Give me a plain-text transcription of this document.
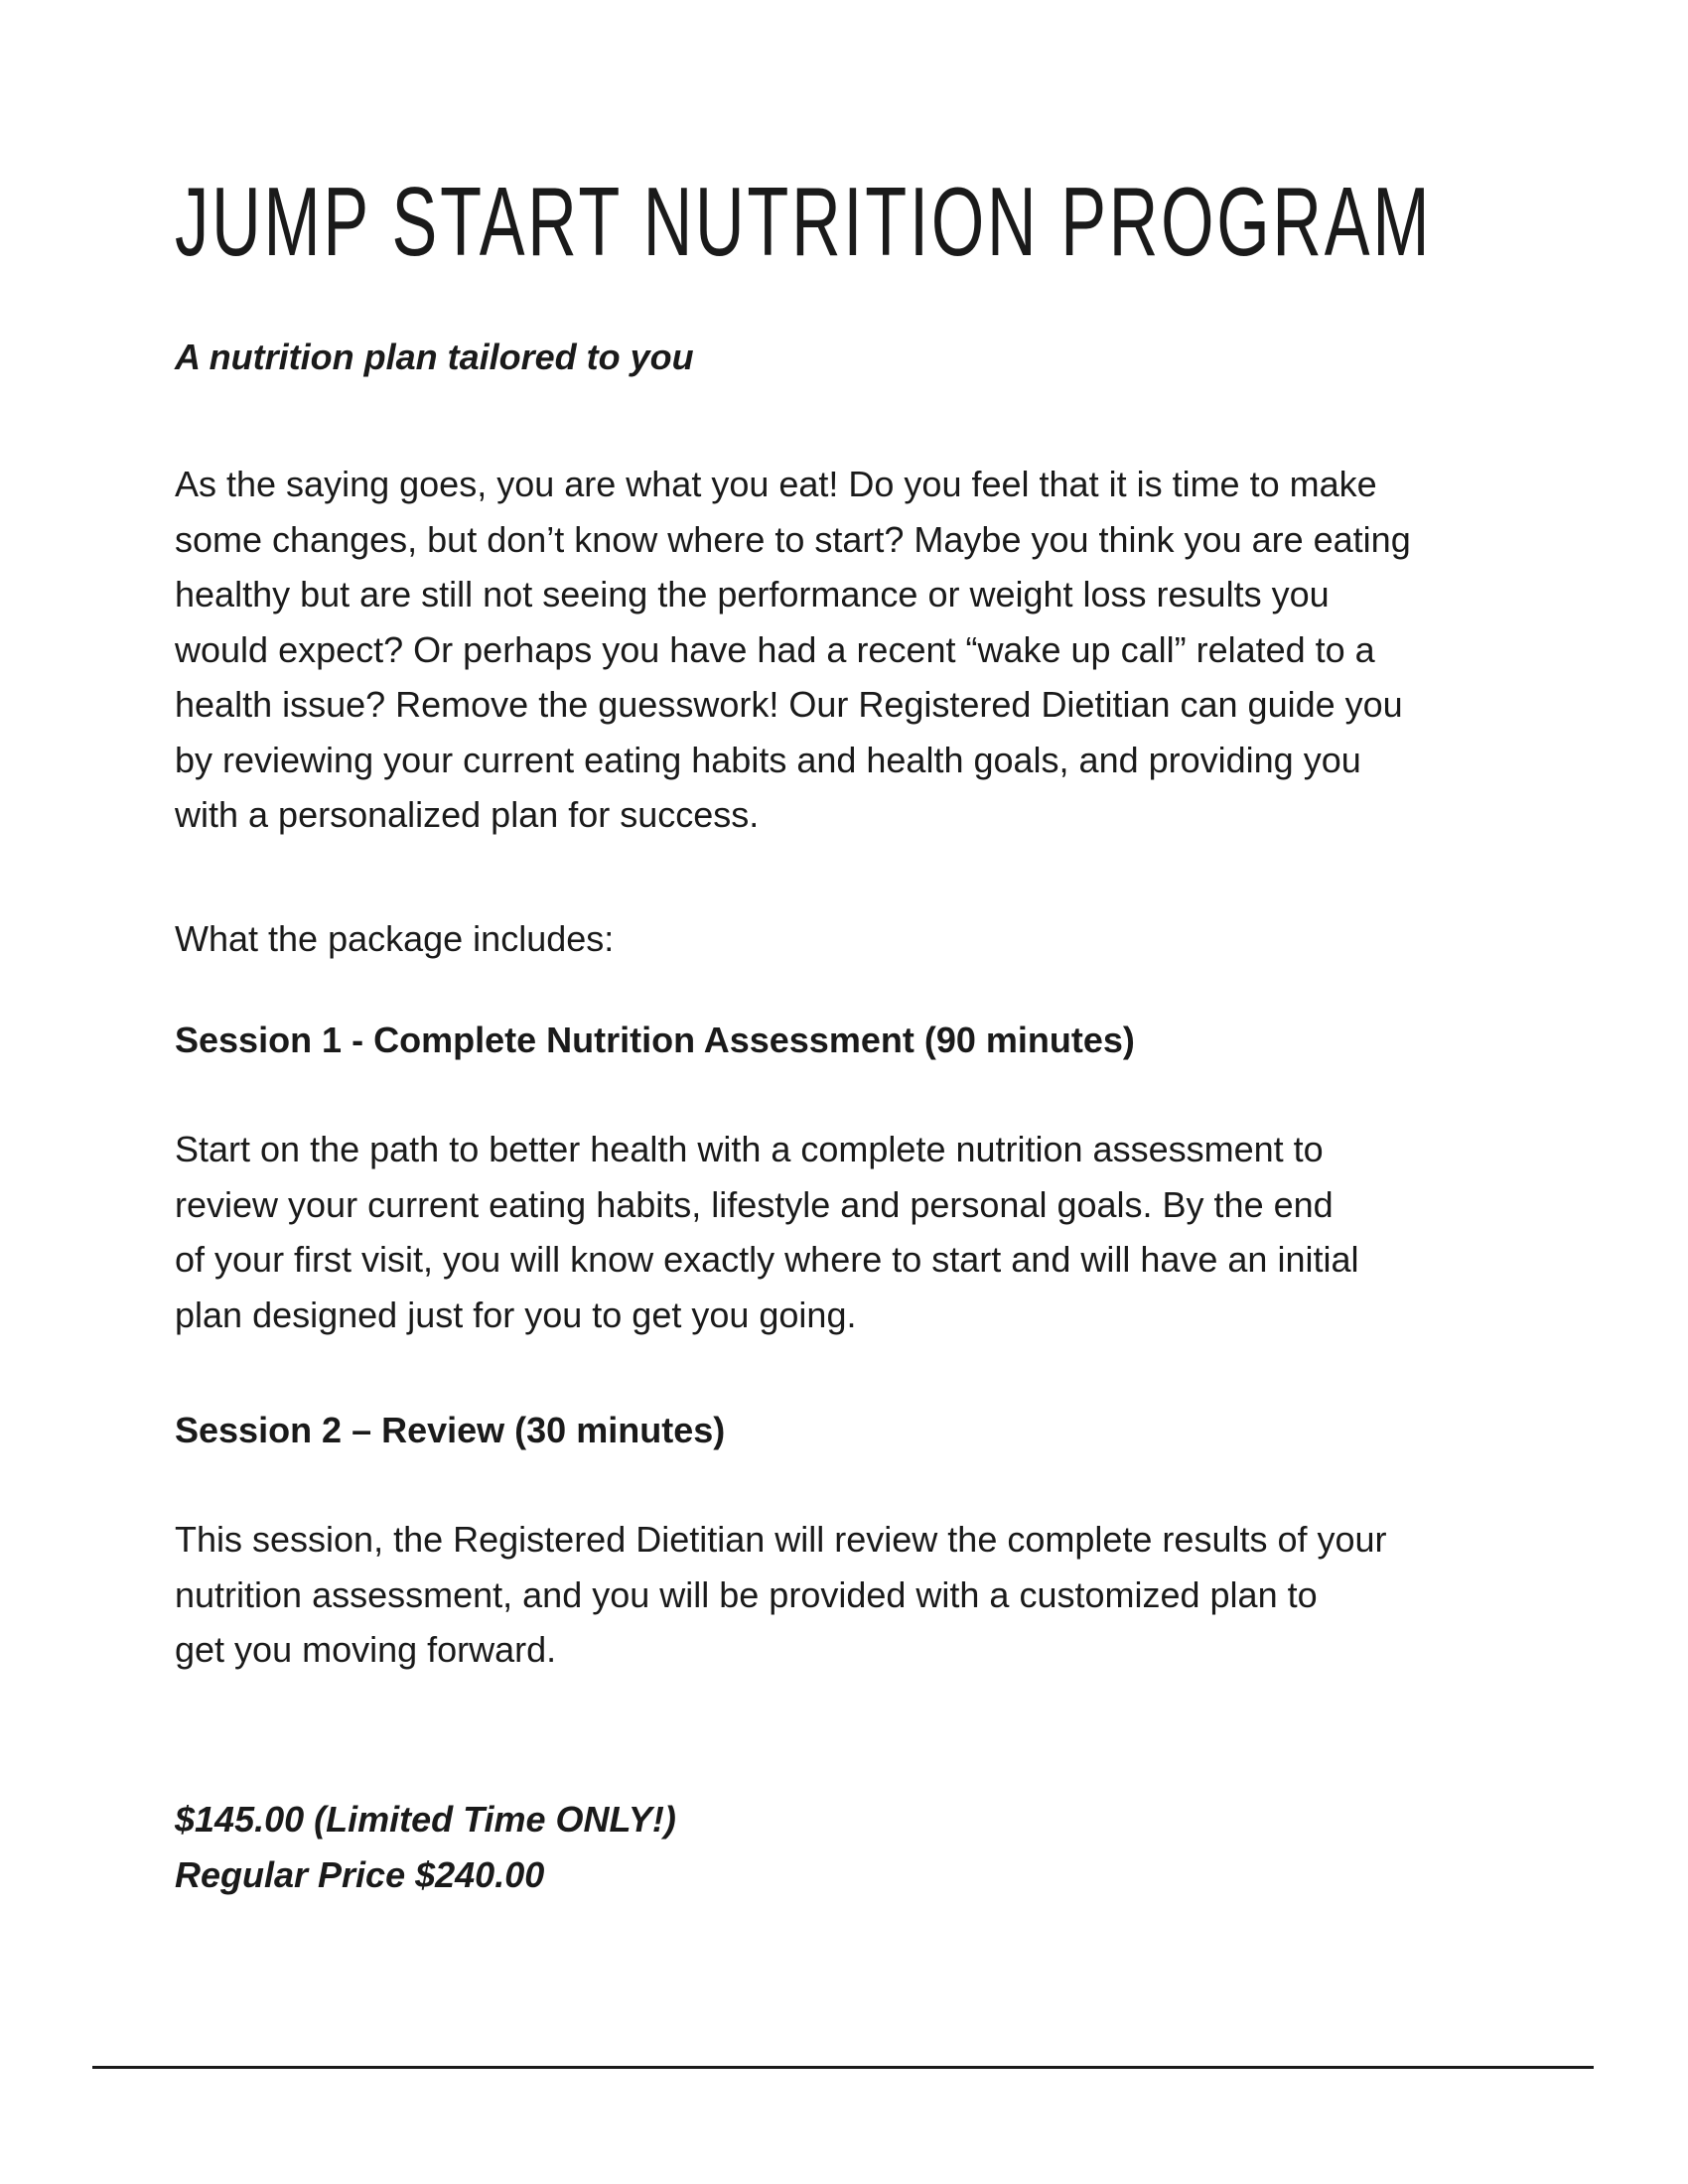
JUMP START NUTRITION PROGRAM

A nutrition plan tailored to you

As the saying goes, you are what you eat! Do you feel that it is time to make
some changes, but don’t know where to start? Maybe you think you are eating
healthy but are still not seeing the performance or weight loss results you
would expect? Or perhaps you have had a recent “wake up call” related to a
health issue? Remove the guesswork! Our Registered Dietitian can guide you
by reviewing your current eating habits and health goals, and providing you
with a personalized plan for success.

What the package includes:

Session 1 - Complete Nutrition Assessment (90 minutes)

Start on the path to better health with a complete nutrition assessment to
review your current eating habits, lifestyle and personal goals. By the end
of your first visit, you will know exactly where to start and will have an initial
plan designed just for you to get you going.

Session 2 – Review (30 minutes)

This session, the Registered Dietitian will review the complete results of your
nutrition assessment, and you will be provided with a customized plan to
get you moving forward.

$145.00 (Limited Time ONLY!)
Regular Price $240.00
